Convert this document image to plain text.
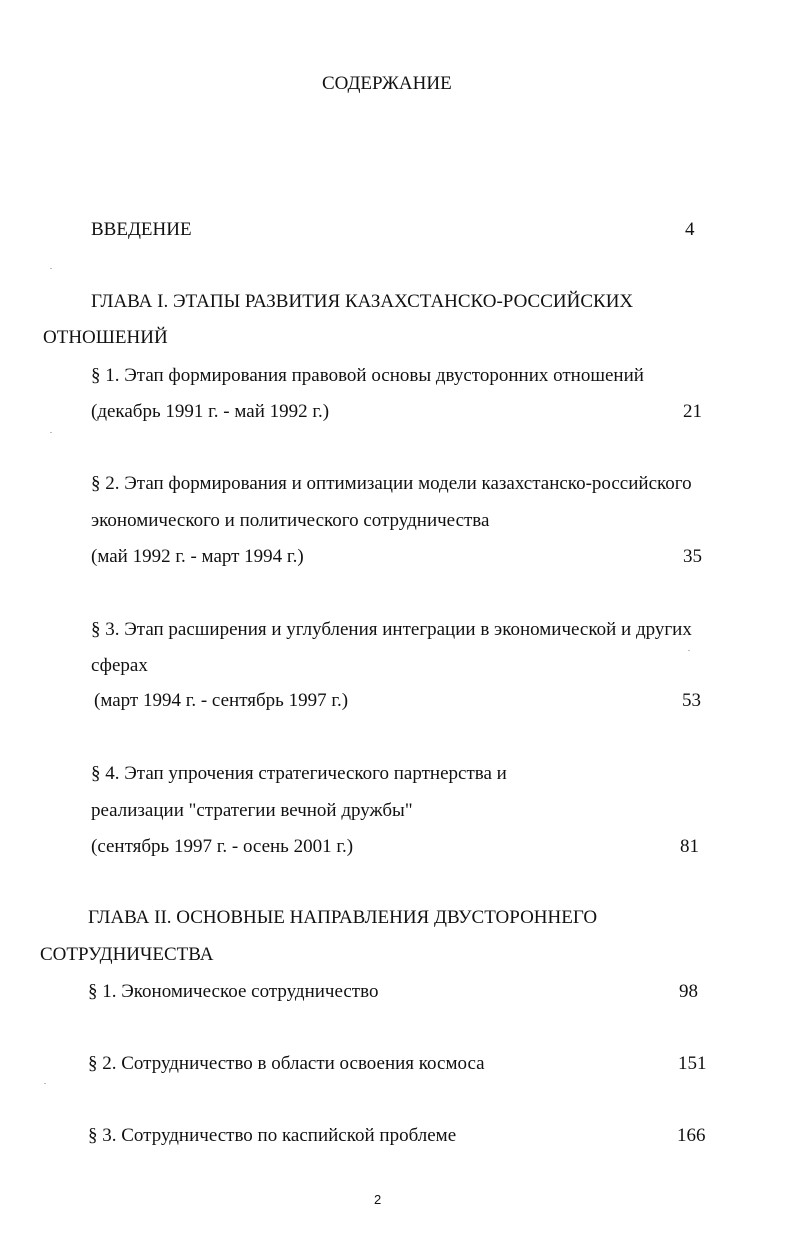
СОДЕРЖАНИЕ
ВВЕДЕНИЕ	4
ГЛАВА I. ЭТАПЫ РАЗВИТИЯ КАЗАХСТАНСКО-РОССИЙСКИХ
ОТНОШЕНИЙ
§ 1. Этап формирования правовой основы двусторонних отношений
(декабрь 1991 г. - май 1992 г.)	21
§ 2. Этап формирования и оптимизации модели казахстанско-российского
экономического и политического сотрудничества
(май 1992 г. - март 1994 г.)	35
§ 3. Этап расширения и углубления интеграции в экономической и других
сферах
(март 1994 г. - сентябрь 1997 г.)	53
§ 4. Этап упрочения стратегического партнерства и
реализации "стратегии вечной дружбы"
(сентябрь 1997 г. - осень 2001 г.)	81
ГЛАВА II. ОСНОВНЫЕ НАПРАВЛЕНИЯ ДВУСТОРОННЕГО
СОТРУДНИЧЕСТВА
§ 1. Экономическое сотрудничество	98
§ 2. Сотрудничество в области освоения космоса	151
§ 3. Сотрудничество по каспийской проблеме	166
2
